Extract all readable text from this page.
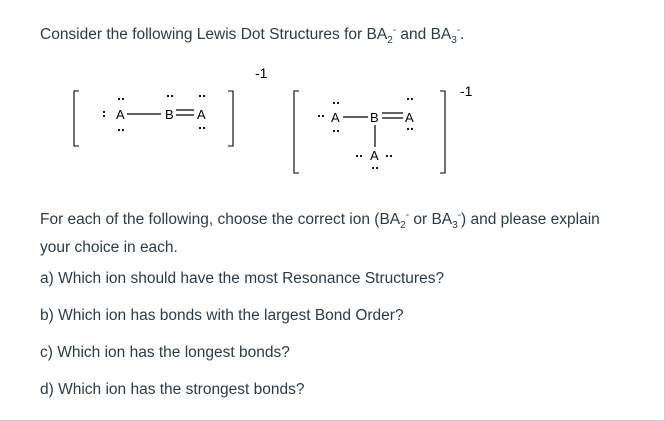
Consider the following Lewis Dot Structures for $BA_2^-$ and $BA_3^-$.
-1
A	B A
-1
A B A
A
For each of the following, choose the correct ion ($BA_2^-$ or $BA_3^-$) and please explain your choice in each.
a) Which ion should have the most Resonance Structures?
b) Which ion has bonds with the largest Bond Order?
c) Which ion has the longest bonds?
d) Which ion has the strongest bonds?
